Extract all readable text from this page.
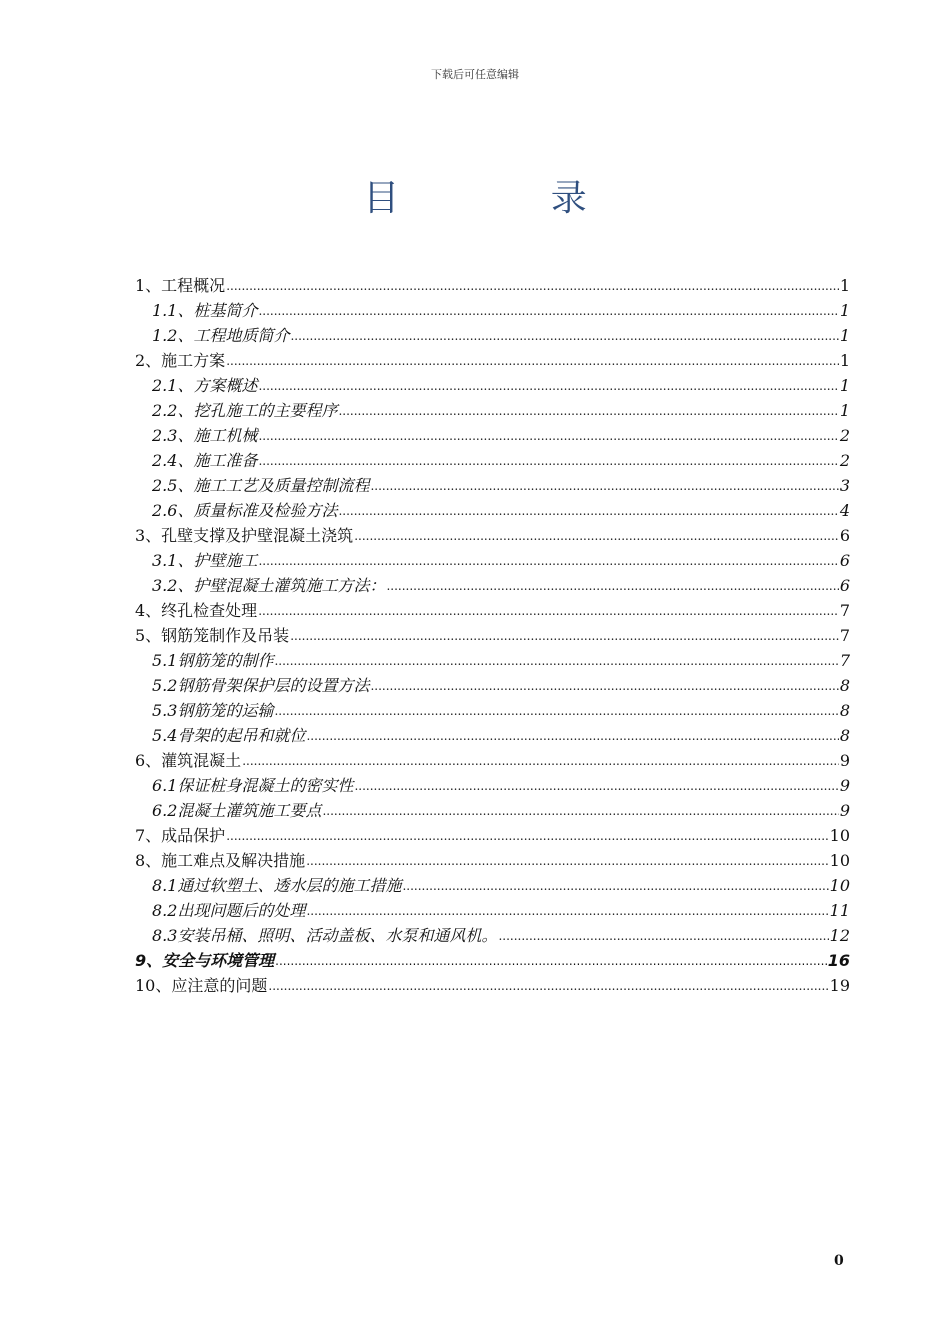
下载后可任意编辑
目 录
1、工程概况 .....	1
1.1、桩基简介 .....	1
1.2、工程地质简介 .....	1
2、施工方案 .....	1
2.1、方案概述 .....	1
2.2、挖孔施工的主要程序 .....	1
2.3、施工机械 .....	2
2.4、施工准备 .....	2
2.5、施工工艺及质量控制流程 .....	3
2.6、质量标准及检验方法 .....	4
3、孔壁支撑及护壁混凝土浇筑 .....	6
3.1、护壁施工 .....	6
3.2、护壁混凝土灌筑施工方法： .....	6
4、终孔检查处理 .....	7
5、钢筋笼制作及吊装 .....	7
5.1钢筋笼的制作 .....	7
5.2钢筋骨架保护层的设置方法 .....	8
5.3钢筋笼的运输 .....	8
5.4骨架的起吊和就位 .....	8
6、灌筑混凝土 .....	9
6.1保证桩身混凝土的密实性 .....	9
6.2混凝土灌筑施工要点 .....	9
7、成品保护 .....	10
8、施工难点及解决措施 .....	10
8.1通过软塑土、透水层的施工措施 .....	10
8.2出现问题后的处理 .....	11
8.3安装吊桶、照明、活动盖板、水泵和通风机。 .....	12
9、安全与环境管理 .....	16
10、应注意的问题 .....	19
0
